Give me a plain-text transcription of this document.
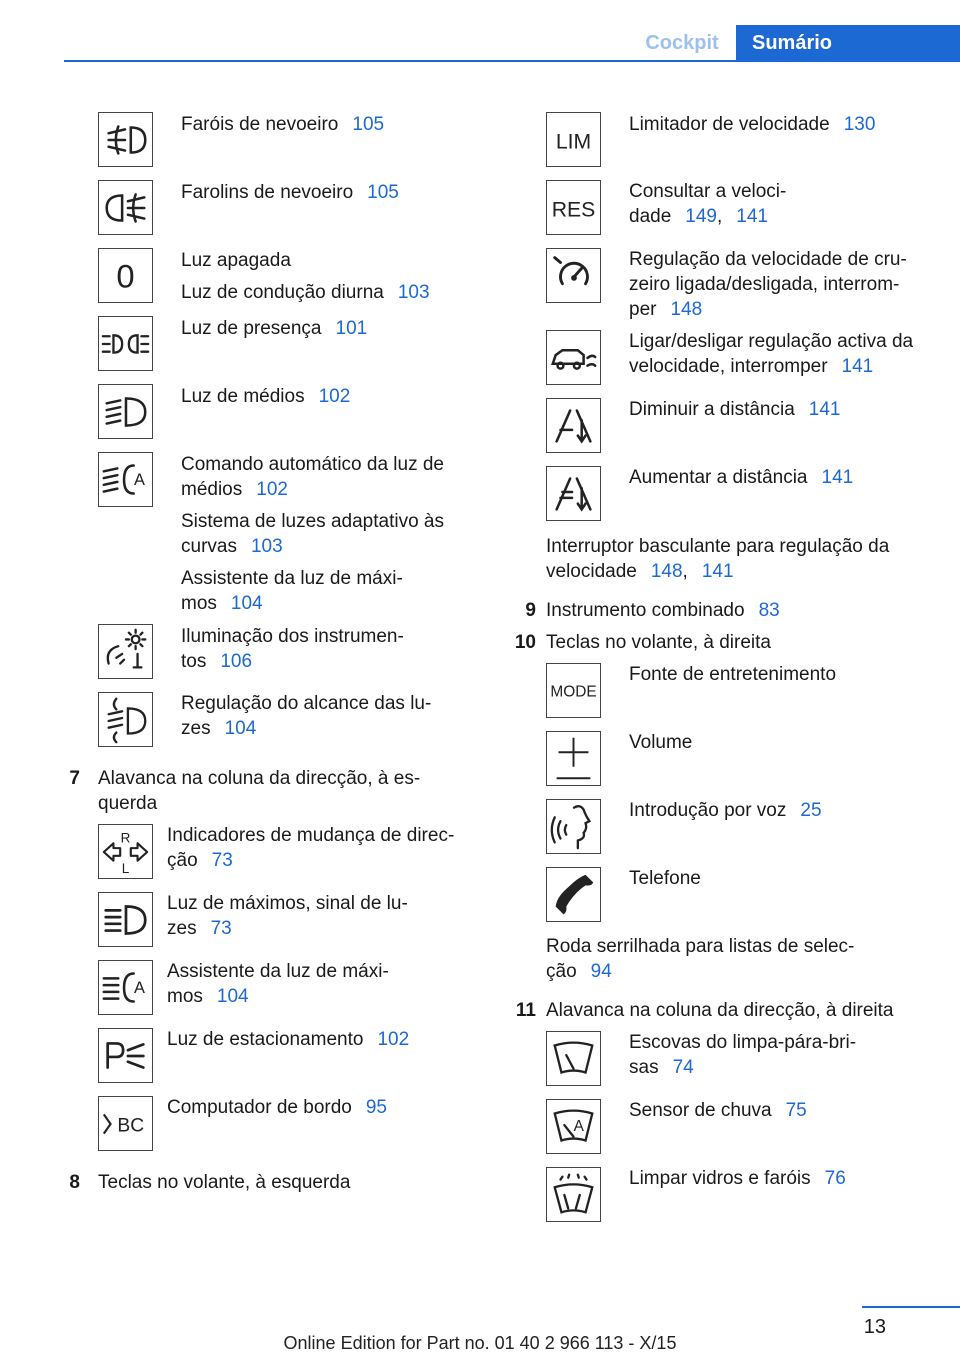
Cockpit	Sumário
0
A
R
L
A
BC
Faróis de nevoeiro 105
Farolins de nevoeiro 105
Luz apagada
Luz de condução diurna 103
Luz de presença 101
Luz de médios 102
Comando automático da luz de
médios 102
Sistema de luzes adaptativo às
curvas 103
Assistente da luz de máxi-
mos 104
Iluminação dos instrumen-
tos 106
Regulação do alcance das lu-
zes 104
7 Alavanca na coluna da direcção, à es-
querda
Indicadores de mudança de direc-
ção 73
Luz de máximos, sinal de lu-
zes 73
Assistente da luz de máxi-
mos 104
Luz de estacionamento 102
Computador de bordo 95
8 Teclas no volante, à esquerda
LIM
RES
MODE
A
Limitador de velocidade 130
Consultar a veloci-
dade 149, 141
Regulação da velocidade de cru-
zeiro ligada/desligada, interrom-
per 148
Ligar/desligar regulação activa da
velocidade, interromper 141
Diminuir a distância 141
Aumentar a distância 141
Interruptor basculante para regulação da
velocidade 148, 141
9 Instrumento combinado 83
10 Teclas no volante, à direita
Fonte de entretenimento
Volume
Introdução por voz 25
Telefone
Roda serrilhada para listas de selec-
ção 94
11 Alavanca na coluna da direcção, à direita
Escovas do limpa-pára-bri-
sas 74
Sensor de chuva 75
Limpar vidros e faróis 76
13
Online Edition for Part no. 01 40 2 966 113 - X/15
